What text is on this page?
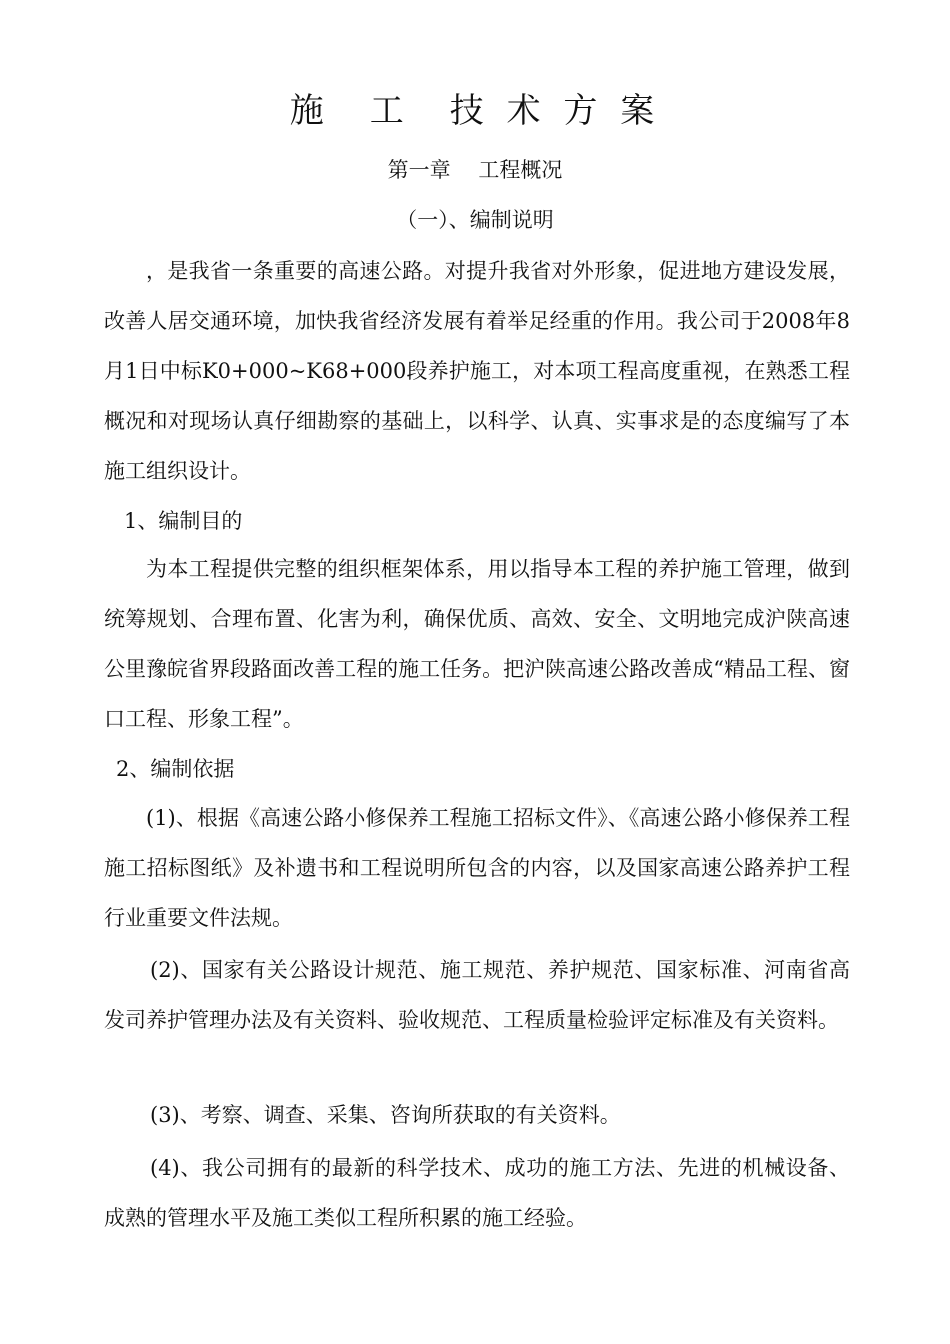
施　工　技 术 方 案
第一章　 工程概况
（一）、编制说明

，是我省一条重要的高速公路。对提升我省对外形象，促进地方建设发展，改善人居交通环境，加快我省经济发展有着举足经重的作用。我公司于2008年8月1日中标K0+000~K68+000段养护施工，对本项工程高度重视，在熟悉工程概况和对现场认真仔细勘察的基础上，以科学、认真、实事求是的态度编写了本施工组织设计。

1、编制目的

为本工程提供完整的组织框架体系，用以指导本工程的养护施工管理，做到统筹规划、合理布置、化害为利，确保优质、高效、安全、文明地完成沪陕高速公里豫皖省界段路面改善工程的施工任务。把沪陕高速公路改善成“精品工程、窗口工程、形象工程”。

2、编制依据

(1)、根据《高速公路小修保养工程施工招标文件》、《高速公路小修保养工程施工招标图纸》及补遗书和工程说明所包含的内容，以及国家高速公路养护工程行业重要文件法规。

(2)、国家有关公路设计规范、施工规范、养护规范、国家标准、河南省高发司养护管理办法及有关资料、验收规范、工程质量检验评定标准及有关资料。

(3)、考察、调查、采集、咨询所获取的有关资料。

(4)、我公司拥有的最新的科学技术、成功的施工方法、先进的机械设备、成熟的管理水平及施工类似工程所积累的施工经验。
